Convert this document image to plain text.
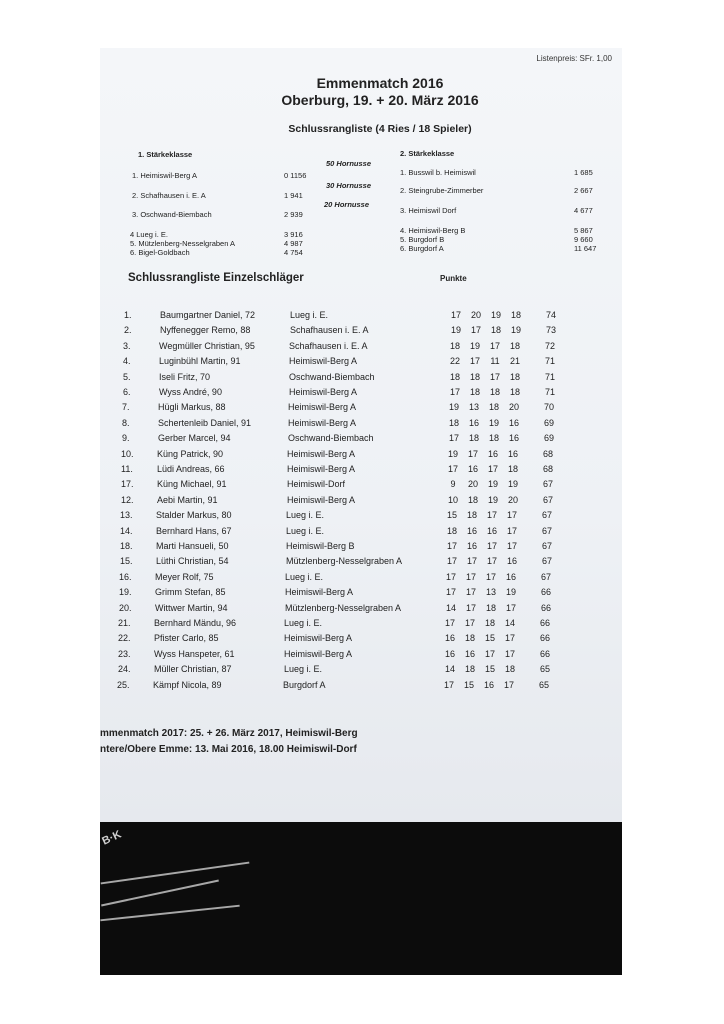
Listenpreis: SFr. 1,00
Emmenmatch 2016
Oberburg, 19. + 20. März 2016
Schlussrangliste (4 Ries / 18 Spieler)
1. Stärkeklasse	2. Stärkeklasse
50 Hornusse
30 Hornusse
20 Hornusse
1. Heimiswil-Berg A	0 1156
2. Schafhausen i. E. A	1 941
3. Oschwand-Biembach	2 939
4 Lueg i. E.	3 916
5. Mützlenberg-Nesselgraben A	4 987
6. Bigel-Goldbach	4 754
1. Busswil b. Heimiswil	1 685
2. Steingrube-Zimmerber	2 667
3. Heimiswil Dorf	4 677
4. Heimiswil-Berg B	5 867
5. Burgdorf B	9 660
6. Burgdorf A	11 647
Schlussrangliste Einzelschläger	Punkte
mmenmatch 2017: 25. + 26. März 2017, Heimiswil-Berg
ntere/Obere Emme: 13. Mai 2016, 18.00 Heimiswil-Dorf
1.	Baumgartner Daniel, 72	Lueg i. E.	17	20	19	18	74
2.	Nyffenegger Remo, 88	Schafhausen i. E. A	19	17	18	19	73
3.	Wegmüller Christian, 95	Schafhausen i. E. A	18	19	17	18	72
4.	Luginbühl Martin, 91	Heimiswil-Berg A	22	17	11	21	71
5.	Iseli Fritz, 70	Oschwand-Biembach	18	18	17	18	71
6.	Wyss André, 90	Heimiswil-Berg A	17	18	18	18	71
7.	Hügli Markus, 88	Heimiswil-Berg A	19	13	18	20	70
8.	Schertenleib Daniel, 91	Heimiswil-Berg A	18	16	19	16	69
9.	Gerber Marcel, 94	Oschwand-Biembach	17	18	18	16	69
10.	Küng Patrick, 90	Heimiswil-Berg A	19	17	16	16	68
11.	Lüdi Andreas, 66	Heimiswil-Berg A	17	16	17	18	68
17.	Küng Michael, 91	Heimiswil-Dorf	9	20	19	19	67
12.	Aebi Martin, 91	Heimiswil-Berg A	10	18	19	20	67
13.	Stalder Markus, 80	Lueg i. E.	15	18	17	17	67
14.	Bernhard Hans, 67	Lueg i. E.	18	16	16	17	67
18.	Marti Hansueli, 50	Heimiswil-Berg B	17	16	17	17	67
15.	Lüthi Christian, 54	Mützlenberg-Nesselgraben A	17	17	17	16	67
16.	Meyer Rolf, 75	Lueg i. E.	17	17	17	16	67
19.	Grimm Stefan, 85	Heimiswil-Berg A	17	17	13	19	66
20.	Wittwer Martin, 94	Mützlenberg-Nesselgraben A	14	17	18	17	66
21.	Bernhard Mändu, 96	Lueg i. E.	17	17	18	14	66
22.	Pfister Carlo, 85	Heimiswil-Berg A	16	18	15	17	66
23.	Wyss Hanspeter, 61	Heimiswil-Berg A	16	16	17	17	66
24.	Müller Christian, 87	Lueg i. E.	14	18	15	18	65
25.	Kämpf Nicola, 89	Burgdorf A	17	15	16	17	65
B·K
